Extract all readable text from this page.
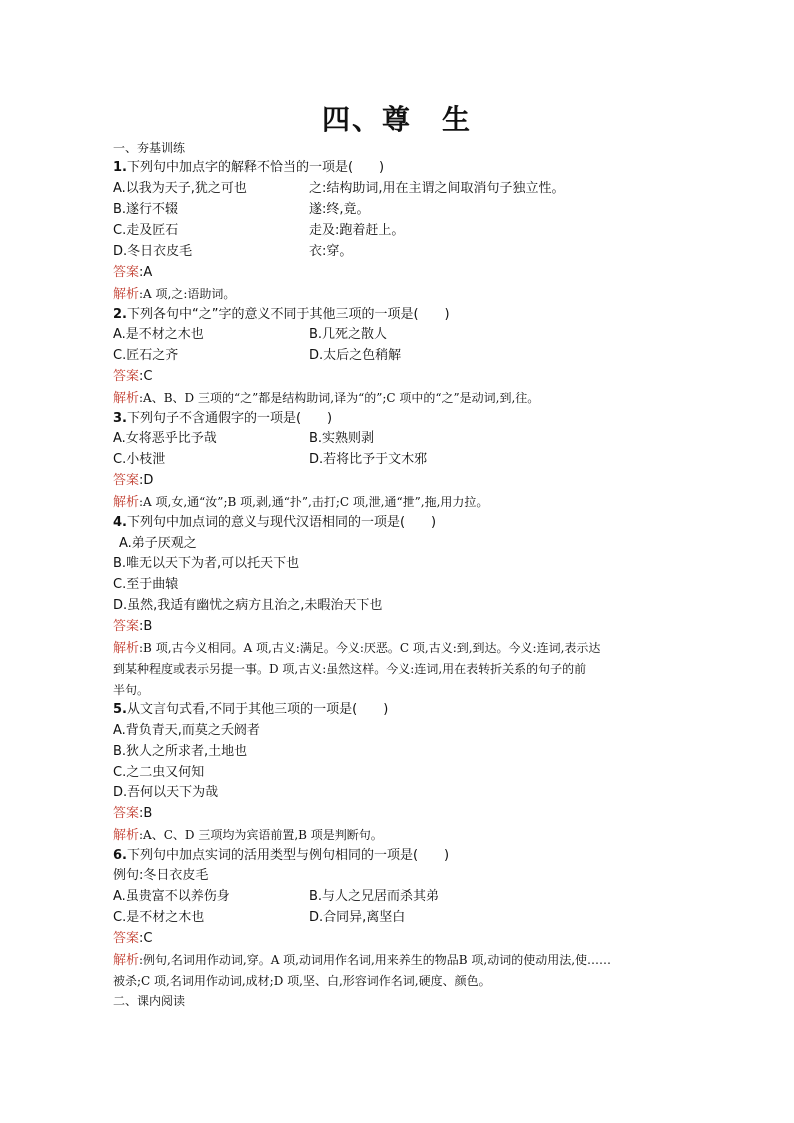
四、尊　生
一、夯基训练
1.下列句中加点字的解释不恰当的一项是(　　)
A.以我为天子,犹之可也	之:结构助词,用在主谓之间取消句子独立性。
B.遂行不辍	遂:终,竟。
C.走及匠石	走及:跑着赶上。
D.冬日衣皮毛	衣:穿。
答案:A
解析:A 项,之:语助词。
2.下列各句中“之”字的意义不同于其他三项的一项是(　　)
A.是不材之木也	B.几死之散人
C.匠石之齐	D.太后之色稍解
答案:C
解析:A、B、D 三项的“之”都是结构助词,译为“的”;C 项中的“之”是动词,到,往。
3.下列句子不含通假字的一项是(　　)
A.女将恶乎比予哉	B.实熟则剥
C.小枝泄	D.若将比予于文木邪
答案:D
解析:A 项,女,通“汝”;B 项,剥,通“扑”,击打;C 项,泄,通“抴”,拖,用力拉。
4.下列句中加点词的意义与现代汉语相同的一项是(　　)
A.弟子厌观之
B.唯无以天下为者,可以托天下也
C.至于曲辕
D.虽然,我适有幽忧之病方且治之,未暇治天下也
答案:B
解析:B 项,古今义相同。A 项,古义:满足。今义:厌恶。C 项,古义:到,到达。今义:连词,表示达
到某种程度或表示另提一事。D 项,古义:虽然这样。今义:连词,用在表转折关系的句子的前
半句。
5.从文言句式看,不同于其他三项的一项是(　　)
A.背负青天,而莫之夭阏者
B.狄人之所求者,土地也
C.之二虫又何知
D.吾何以天下为哉
答案:B
解析:A、C、D 三项均为宾语前置,B 项是判断句。
6.下列句中加点实词的活用类型与例句相同的一项是(　　)
例句:冬日衣皮毛
A.虽贵富不以养伤身	B.与人之兄居而杀其弟
C.是不材之木也	D.合同异,离坚白
答案:C
解析:例句,名词用作动词,穿。A 项,动词用作名词,用来养生的物品B 项,动词的使动用法,使……
被杀;C 项,名词用作动词,成材;D 项,坚、白,形容词作名词,硬度、颜色。
二、课内阅读
